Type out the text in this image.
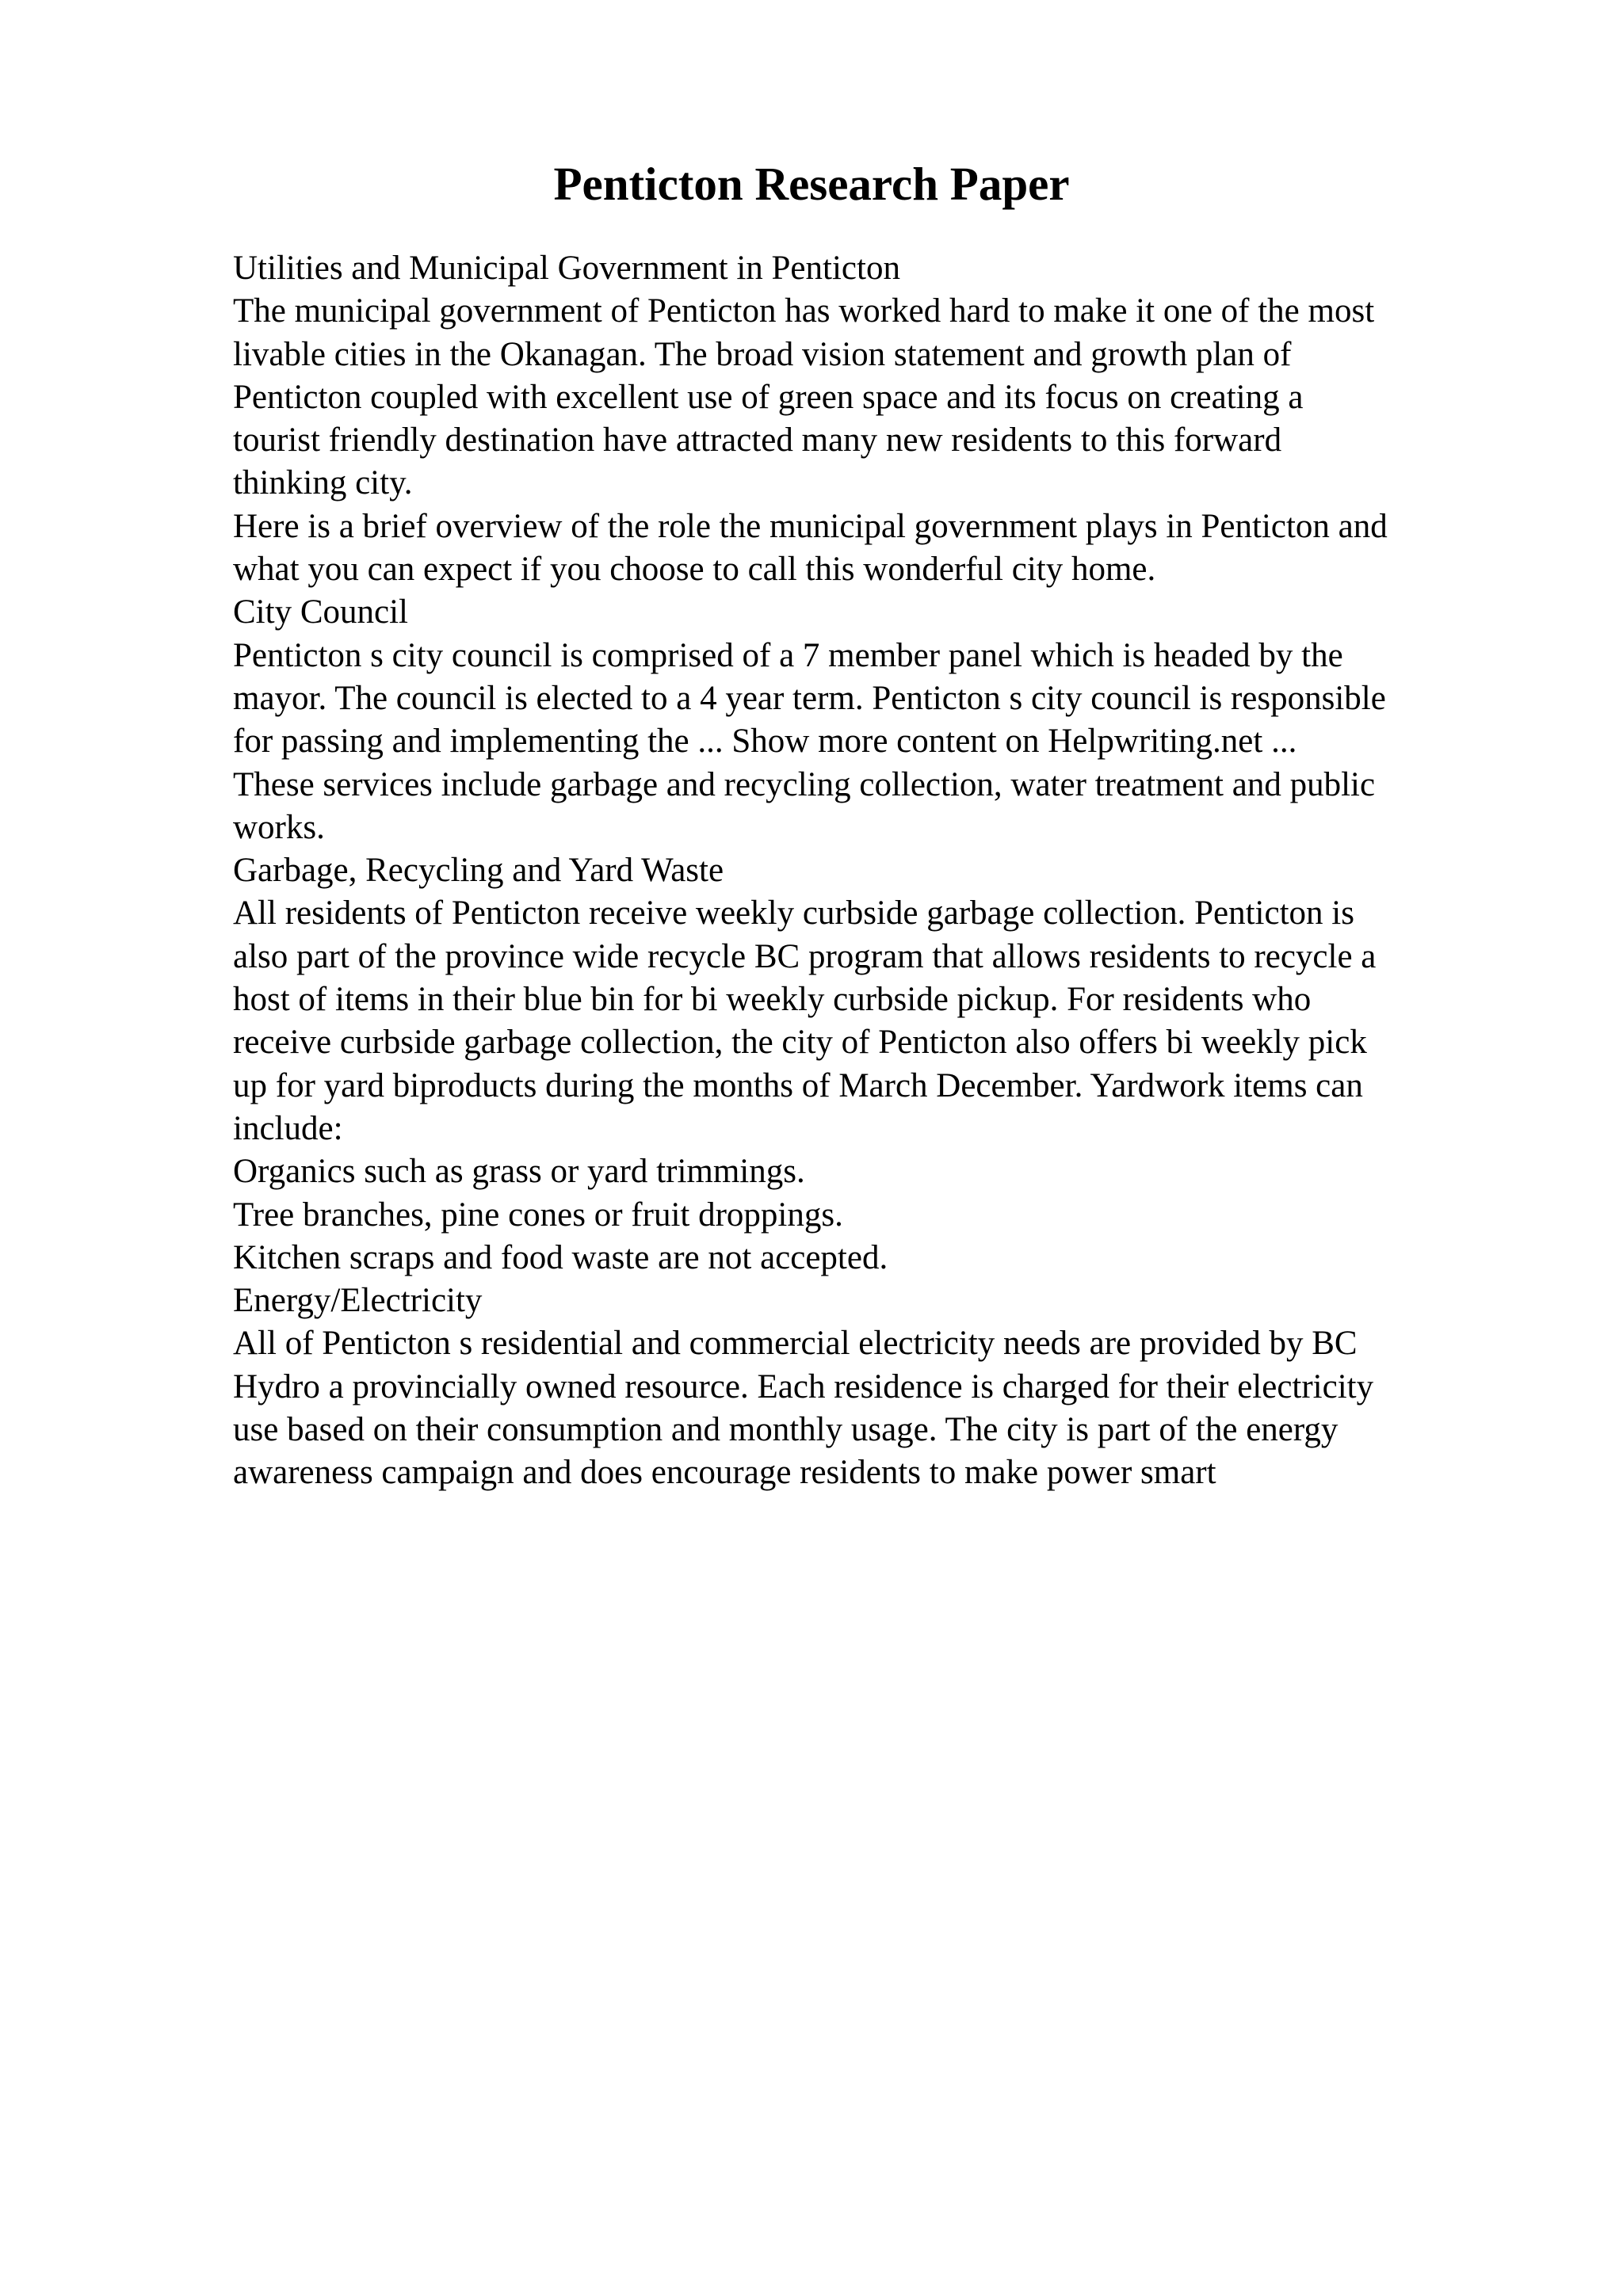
Penticton Research Paper
Utilities and Municipal Government in Penticton
The municipal government of Penticton has worked hard to make it one of the most
livable cities in the Okanagan. The broad vision statement and growth plan of
Penticton coupled with excellent use of green space and its focus on creating a
tourist friendly destination have attracted many new residents to this forward
thinking city.
Here is a brief overview of the role the municipal government plays in Penticton and
what you can expect if you choose to call this wonderful city home.
City Council
Penticton s city council is comprised of a 7 member panel which is headed by the
mayor. The council is elected to a 4 year term. Penticton s city council is responsible
for passing and implementing the ... Show more content on Helpwriting.net ...
These services include garbage and recycling collection, water treatment and public
works.
Garbage, Recycling and Yard Waste
All residents of Penticton receive weekly curbside garbage collection. Penticton is
also part of the province wide recycle BC program that allows residents to recycle a
host of items in their blue bin for bi weekly curbside pickup. For residents who
receive curbside garbage collection, the city of Penticton also offers bi weekly pick
up for yard biproducts during the months of March December. Yardwork items can
include:
Organics such as grass or yard trimmings.
Tree branches, pine cones or fruit droppings.
Kitchen scraps and food waste are not accepted.
Energy/Electricity
All of Penticton s residential and commercial electricity needs are provided by BC
Hydro a provincially owned resource. Each residence is charged for their electricity
use based on their consumption and monthly usage. The city is part of the energy
awareness campaign and does encourage residents to make power smart
